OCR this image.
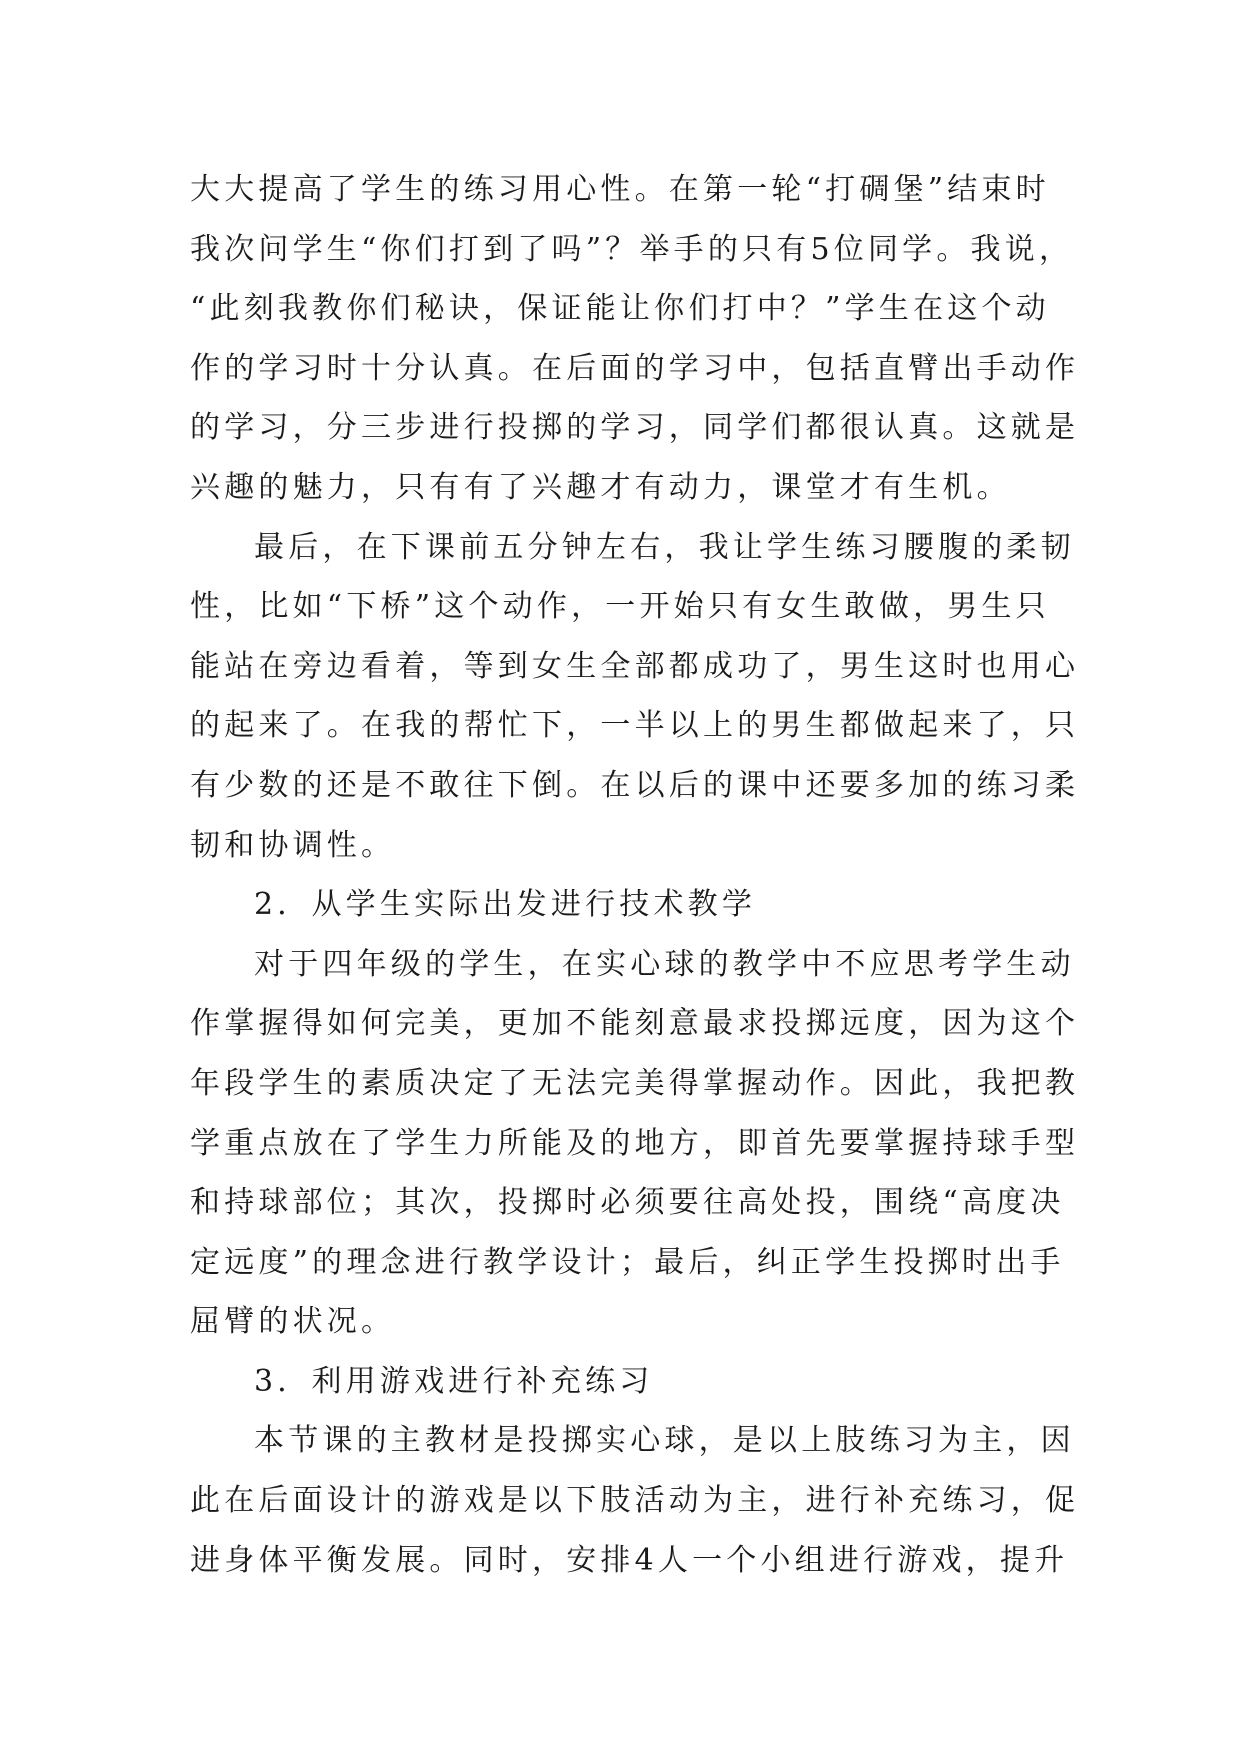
大大提高了学生的练习用心性。在第一轮“打碉堡”结束时
我次问学生“你们打到了吗”？举手的只有5位同学。我说，
“此刻我教你们秘诀，保证能让你们打中？”学生在这个动
作的学习时十分认真。在后面的学习中，包括直臂出手动作
的学习，分三步进行投掷的学习，同学们都很认真。这就是
兴趣的魅力，只有有了兴趣才有动力，课堂才有生机。
最后，在下课前五分钟左右，我让学生练习腰腹的柔韧
性，比如“下桥”这个动作，一开始只有女生敢做，男生只
能站在旁边看着，等到女生全部都成功了，男生这时也用心
的起来了。在我的帮忙下，一半以上的男生都做起来了，只
有少数的还是不敢往下倒。在以后的课中还要多加的练习柔
韧和协调性。
2．从学生实际出发进行技术教学
对于四年级的学生，在实心球的教学中不应思考学生动
作掌握得如何完美，更加不能刻意最求投掷远度，因为这个
年段学生的素质决定了无法完美得掌握动作。因此，我把教
学重点放在了学生力所能及的地方，即首先要掌握持球手型
和持球部位；其次，投掷时必须要往高处投，围绕“高度决
定远度”的理念进行教学设计；最后，纠正学生投掷时出手
屈臂的状况。
3．利用游戏进行补充练习
本节课的主教材是投掷实心球，是以上肢练习为主，因
此在后面设计的游戏是以下肢活动为主，进行补充练习，促
进身体平衡发展。同时，安排4人一个小组进行游戏，提升
